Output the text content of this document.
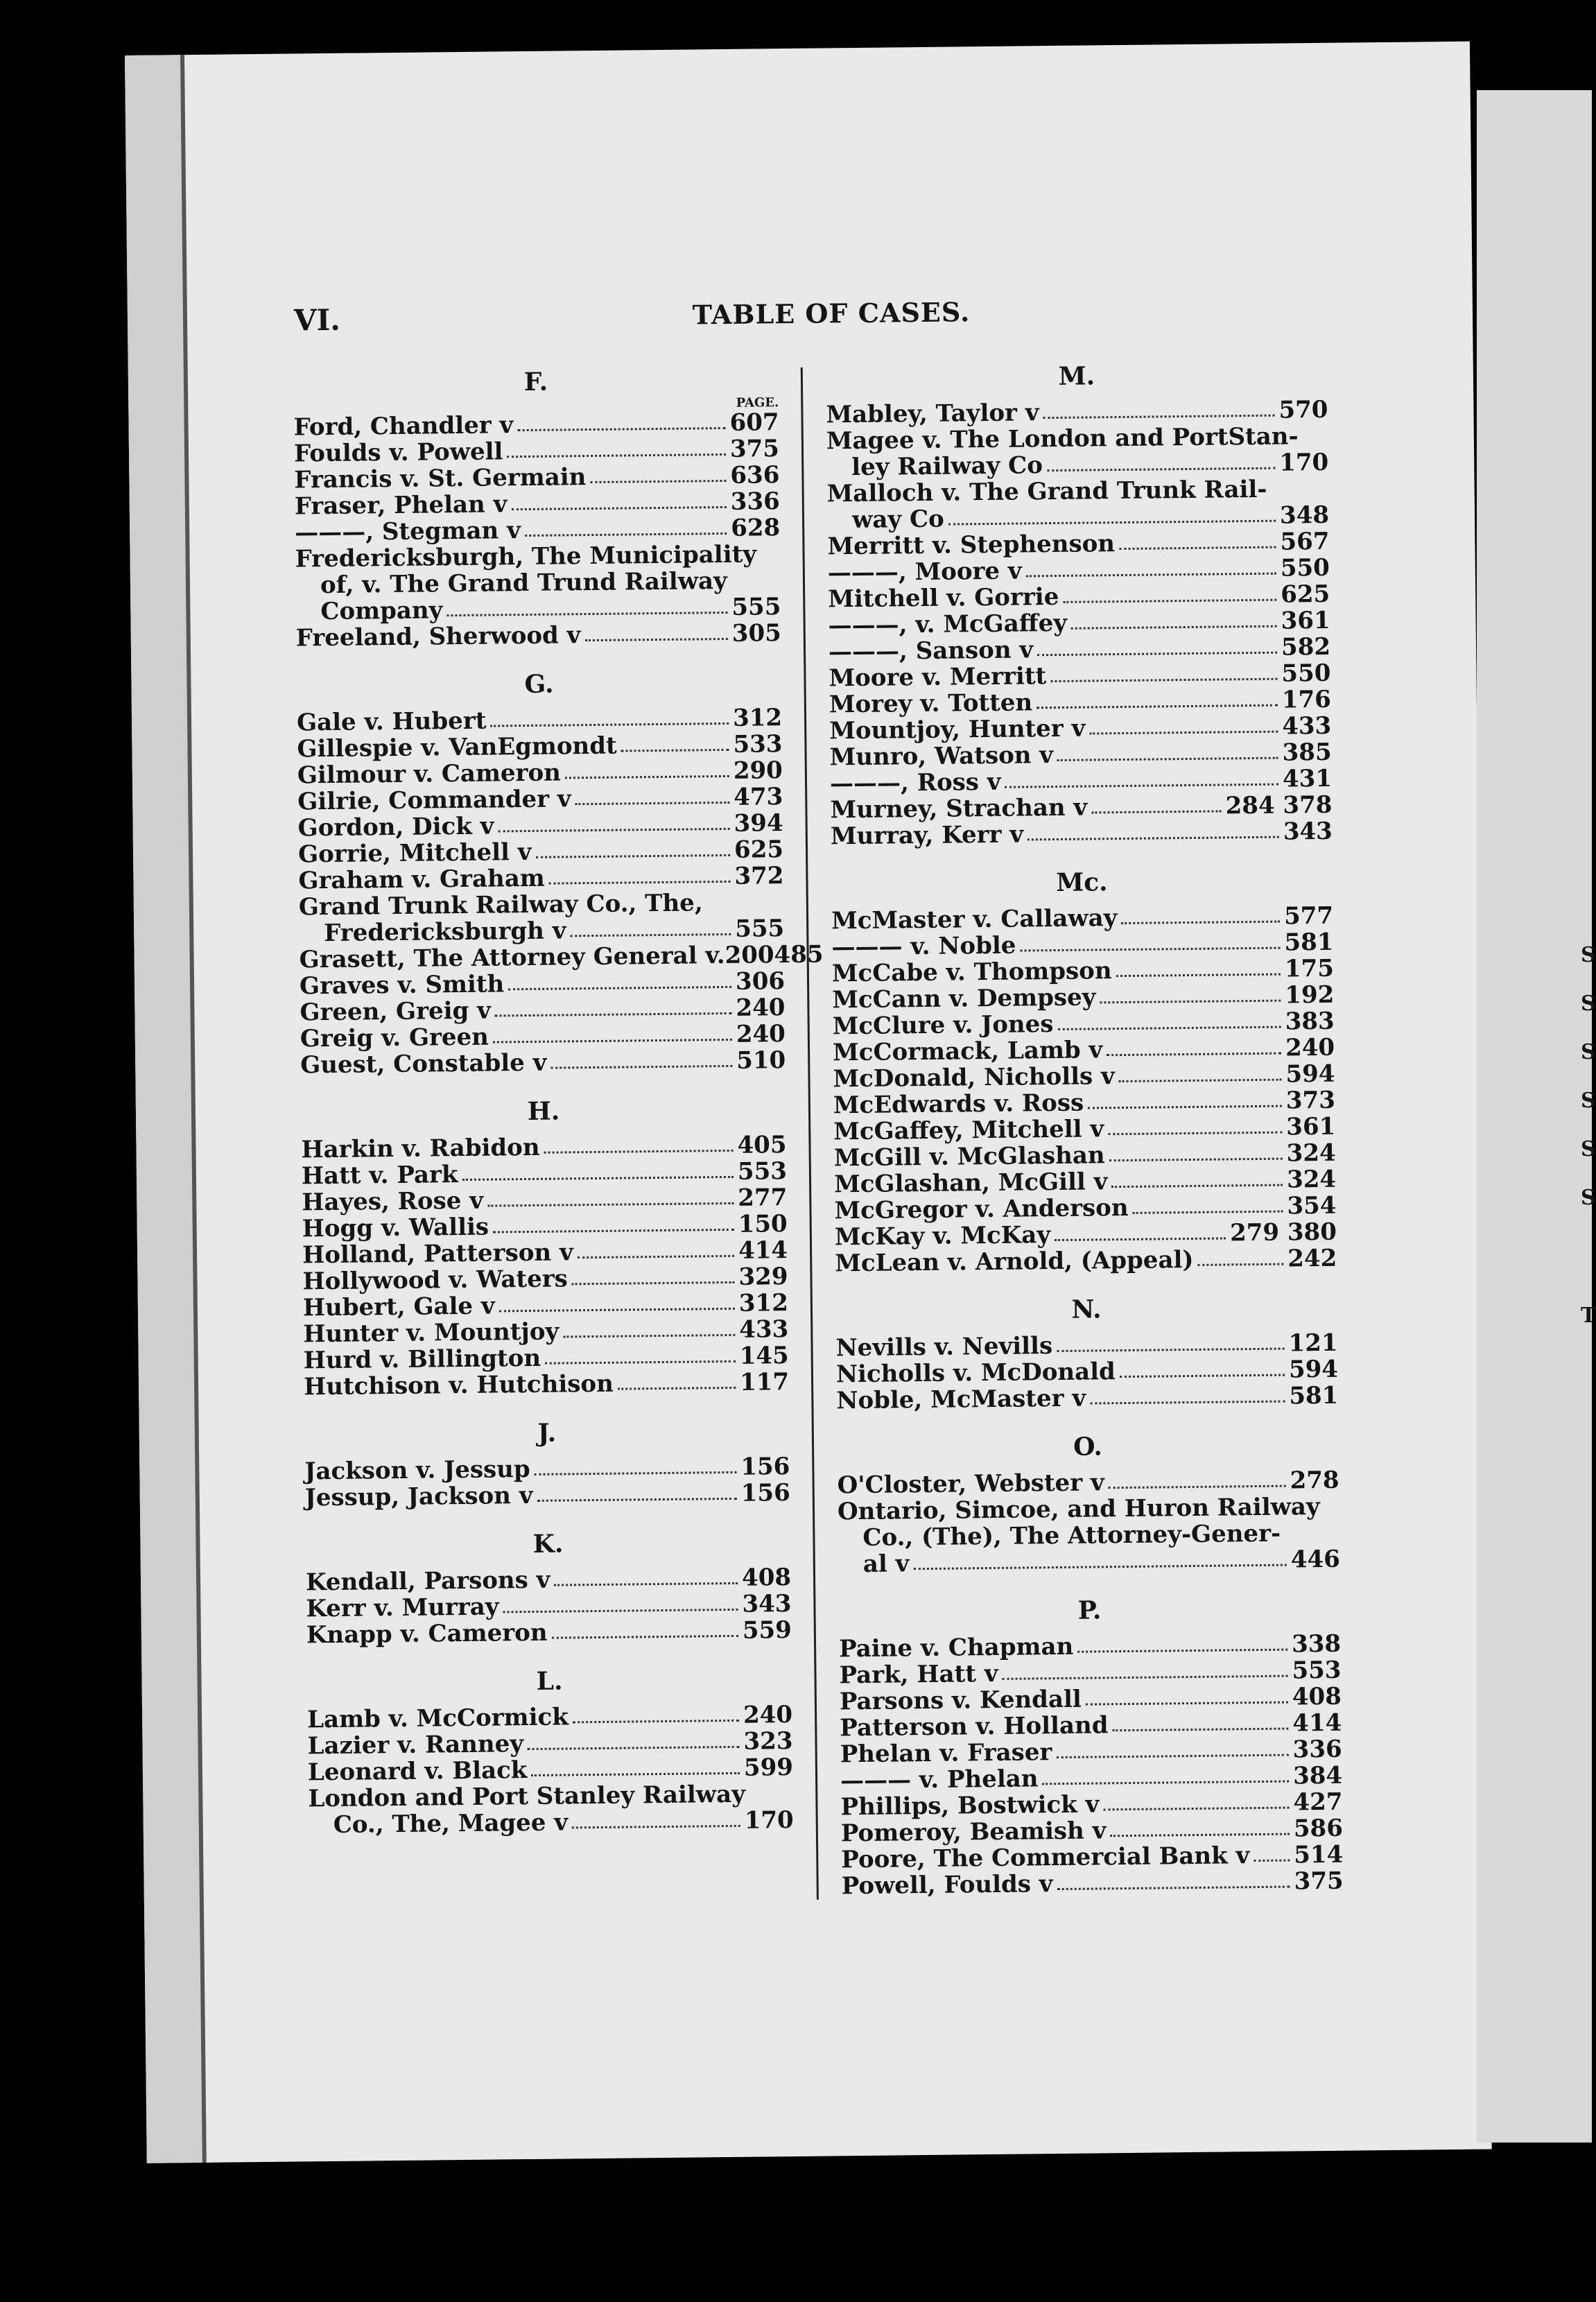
VI.	TABLE OF CASES.
F.
PAGE.
Ford, Chandler v	607
Foulds v. Powell	375
Francis v. St. Germain	636
Fraser, Phelan v	336
———, Stegman v	628
Fredericksburgh, The Municipality
of, v. The Grand Trund Railway
Company	555
Freeland, Sherwood v	305
G.
Gale v. Hubert	312
Gillespie v. VanEgmondt	533
Gilmour v. Cameron	290
Gilrie, Commander v	473
Gordon, Dick v	394
Gorrie, Mitchell v	625
Graham v. Graham	372
Grand Trunk Railway Co., The,
Fredericksburgh v	555
Grasett, The Attorney General v.200 485
Graves v. Smith	306
Green, Greig v	240
Greig v. Green	240
Guest, Constable v	510
H.
Harkin v. Rabidon	405
Hatt v. Park	553
Hayes, Rose v	277
Hogg v. Wallis	150
Holland, Patterson v	414
Hollywood v. Waters	329
Hubert, Gale v	312
Hunter v. Mountjoy	433
Hurd v. Billington	145
Hutchison v. Hutchison	117
J.
Jackson v. Jessup	156
Jessup, Jackson v	156
K.
Kendall, Parsons v	408
Kerr v. Murray	343
Knapp v. Cameron	559
L.
Lamb v. McCormick	240
Lazier v. Ranney	323
Leonard v. Black	599
London and Port Stanley Railway
Co., The, Magee v	170
M.
Mabley, Taylor v	570
Magee v. The London and PortStan-
ley Railway Co	170
Malloch v. The Grand Trunk Rail-
way Co	348
Merritt v. Stephenson	567
———, Moore v	550
Mitchell v. Gorrie	625
———, v. McGaffey	361
———, Sanson v	582
Moore v. Merritt	550
Morey v. Totten	176
Mountjoy, Hunter v	433
Munro, Watson v	385
———, Ross v	431
Murney, Strachan v	284 378
Murray, Kerr v	343
Mc.
McMaster v. Callaway	577
——— v. Noble	581
McCabe v. Thompson	175
McCann v. Dempsey	192
McClure v. Jones	383
McCormack, Lamb v	240
McDonald, Nicholls v	594
McEdwards v. Ross	373
McGaffey, Mitchell v	361
McGill v. McGlashan	324
McGlashan, McGill v	324
McGregor v. Anderson	354
McKay v. McKay	279 380
McLean v. Arnold, (Appeal)	242
N.
Nevills v. Nevills	121
Nicholls v. McDonald	594
Noble, McMaster v	581
O.
O'Closter, Webster v	278
Ontario, Simcoe, and Huron Railway
Co., (The), The Attorney-Gener-
al v	446
P.
Paine v. Chapman	338
Park, Hatt v	553
Parsons v. Kendall	408
Patterson v. Holland	414
Phelan v. Fraser	336
——— v. Phelan	384
Phillips, Bostwick v	427
Pomeroy, Beamish v	586
Poore, The Commercial Bank v 514
Powell, Foulds v	375
S
S
S
S
S
S
T
